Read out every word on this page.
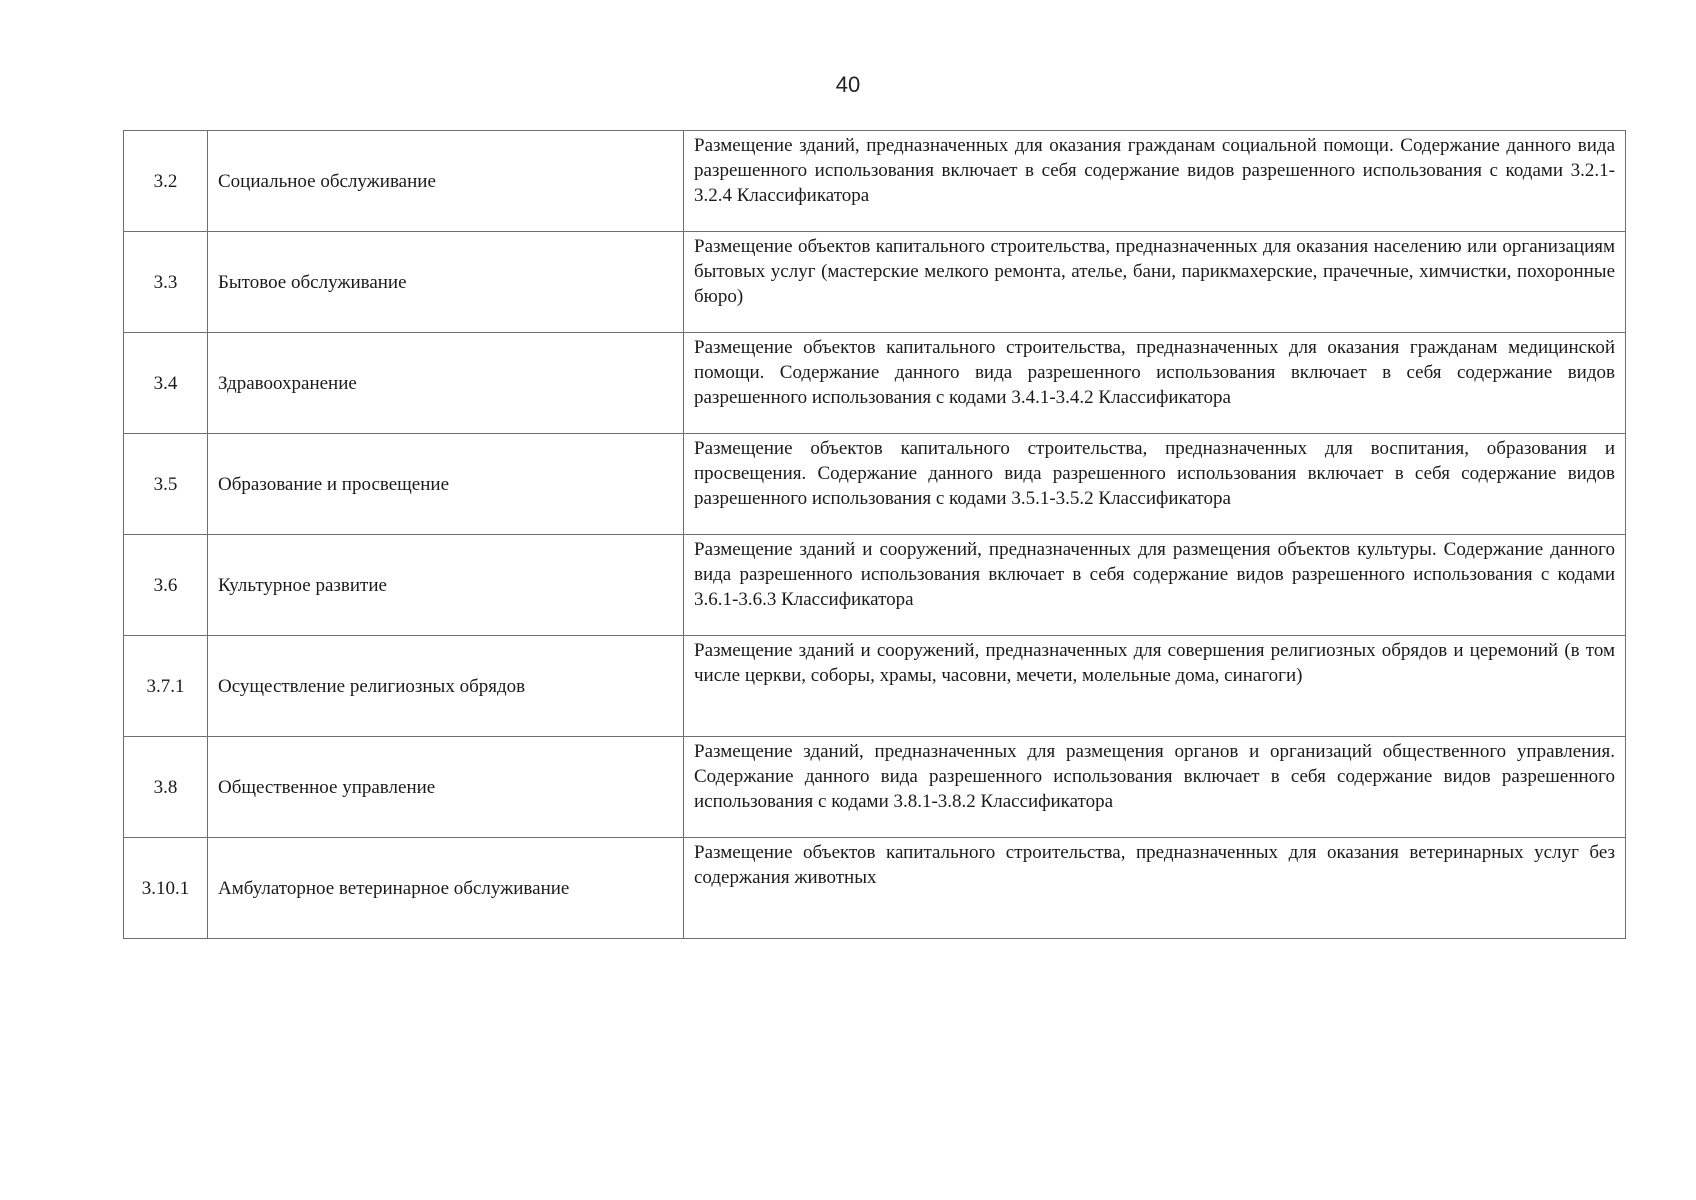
40
3.2	Социальное обслуживание	Размещение зданий, предназначенных для оказания гражданам социальной помощи. Содержание данного вида разрешенного использования включает в себя содержание видов разрешенного использования с кодами 3.2.1-3.2.4 Классификатора
3.3	Бытовое обслуживание	Размещение объектов капитального строительства, предназначенных для оказания населению или организациям бытовых услуг (мастерские мелкого ремонта, ателье, бани, парикмахерские, прачечные, химчистки, похоронные бюро)
3.4	Здравоохранение	Размещение объектов капитального строительства, предназначенных для оказания гражданам медицинской помощи. Содержание данного вида разрешенного использования включает в себя содержание видов разрешенного использования с кодами 3.4.1-3.4.2 Классификатора
3.5	Образование и просвещение	Размещение объектов капитального строительства, предназначенных для воспитания, образования и просвещения. Содержание данного вида разрешенного использования включает в себя содержание видов разрешенного использования с кодами 3.5.1-3.5.2 Классификатора
3.6	Культурное развитие	Размещение зданий и сооружений, предназначенных для размещения объектов культуры. Содержание данного вида разрешенного использования включает в себя содержание видов разрешенного использования с кодами 3.6.1-3.6.3 Классификатора
3.7.1	Осуществление религиозных обрядов	Размещение зданий и сооружений, предназначенных для совершения религиозных обрядов и церемоний (в том числе церкви, соборы, храмы, часовни, мечети, молельные дома, синагоги)
3.8	Общественное управление	Размещение зданий, предназначенных для размещения органов и организаций общественного управления. Содержание данного вида разрешенного использования включает в себя содержание видов разрешенного использования с кодами 3.8.1-3.8.2 Классификатора
3.10.1	Амбулаторное ветеринарное обслуживание	Размещение объектов капитального строительства, предназначенных для оказания ветеринарных услуг без содержания животных
